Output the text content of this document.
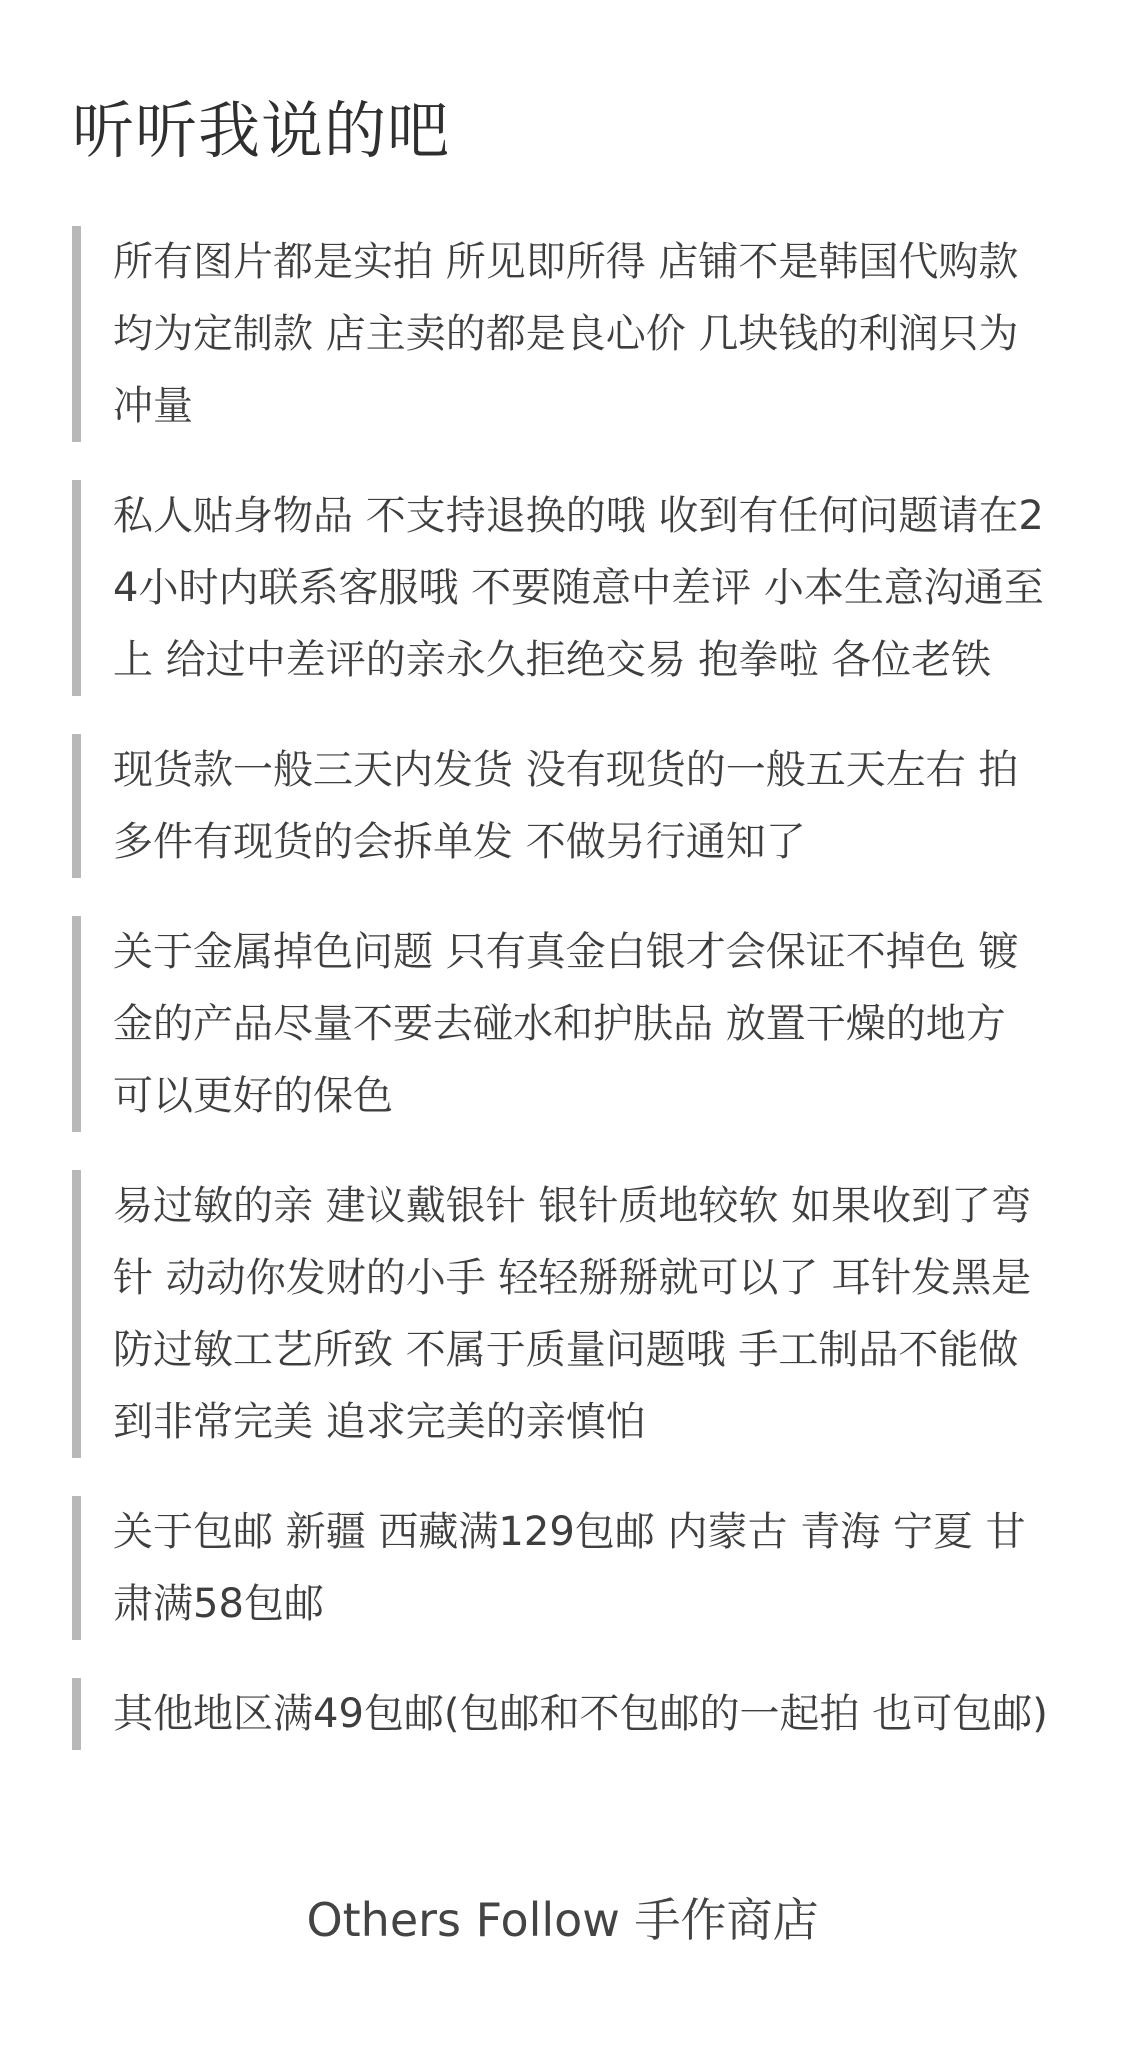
听听我说的吧

所有图片都是实拍 所见即所得 店铺不是韩国代购款 均为定制款 店主卖的都是良心价 几块钱的利润只为冲量

私人贴身物品 不支持退换的哦 收到有任何问题请在24小时内联系客服哦 不要随意中差评 小本生意沟通至上 给过中差评的亲永久拒绝交易 抱拳啦 各位老铁

现货款一般三天内发货 没有现货的一般五天左右 拍多件有现货的会拆单发 不做另行通知了

关于金属掉色问题 只有真金白银才会保证不掉色 镀金的产品尽量不要去碰水和护肤品 放置干燥的地方 可以更好的保色

易过敏的亲 建议戴银针 银针质地较软 如果收到了弯针 动动你发财的小手 轻轻掰掰就可以了 耳针发黑是防过敏工艺所致 不属于质量问题哦 手工制品不能做到非常完美 追求完美的亲慎怕

关于包邮 新疆 西藏满129包邮 内蒙古 青海 宁夏 甘肃满58包邮

其他地区满49包邮(包邮和不包邮的一起拍 也可包邮)

Others Follow 手作商店
